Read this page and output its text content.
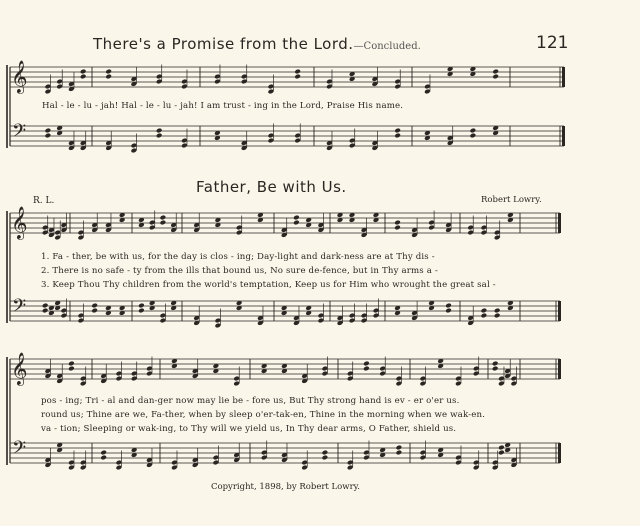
There's a Promise from the Lord.—Concluded.	121
𝄞
𝄢
𝄞
𝄢
𝄞
𝄢
Hal - le - lu - jah! Hal - le - lu - jah! I am trust - ing in the Lord, Praise His name.
Father, Be with Us.
R. L.	Robert Lowry.
1. Fa - ther, be with us, for the day is clos - ing; Day-light and dark-ness are at Thy dis -
2. There is no safe - ty from the ills that bound us, No sure de-fence, but in Thy arms a -
3. Keep Thou Thy children from the world's temptation, Keep us for Him who wrought the great sal -
pos - ing; Tri - al and dan-ger now may lie be - fore us, But Thy strong hand is ev - er o'er us.
round us; Thine are we, Fa-ther, when by sleep o'er-tak-en, Thine in the morning when we wak-en.
va - tion; Sleeping or wak-ing, to Thy will we yield us, In Thy dear arms, O Father, shield us.
Copyright, 1898, by Robert Lowry.
